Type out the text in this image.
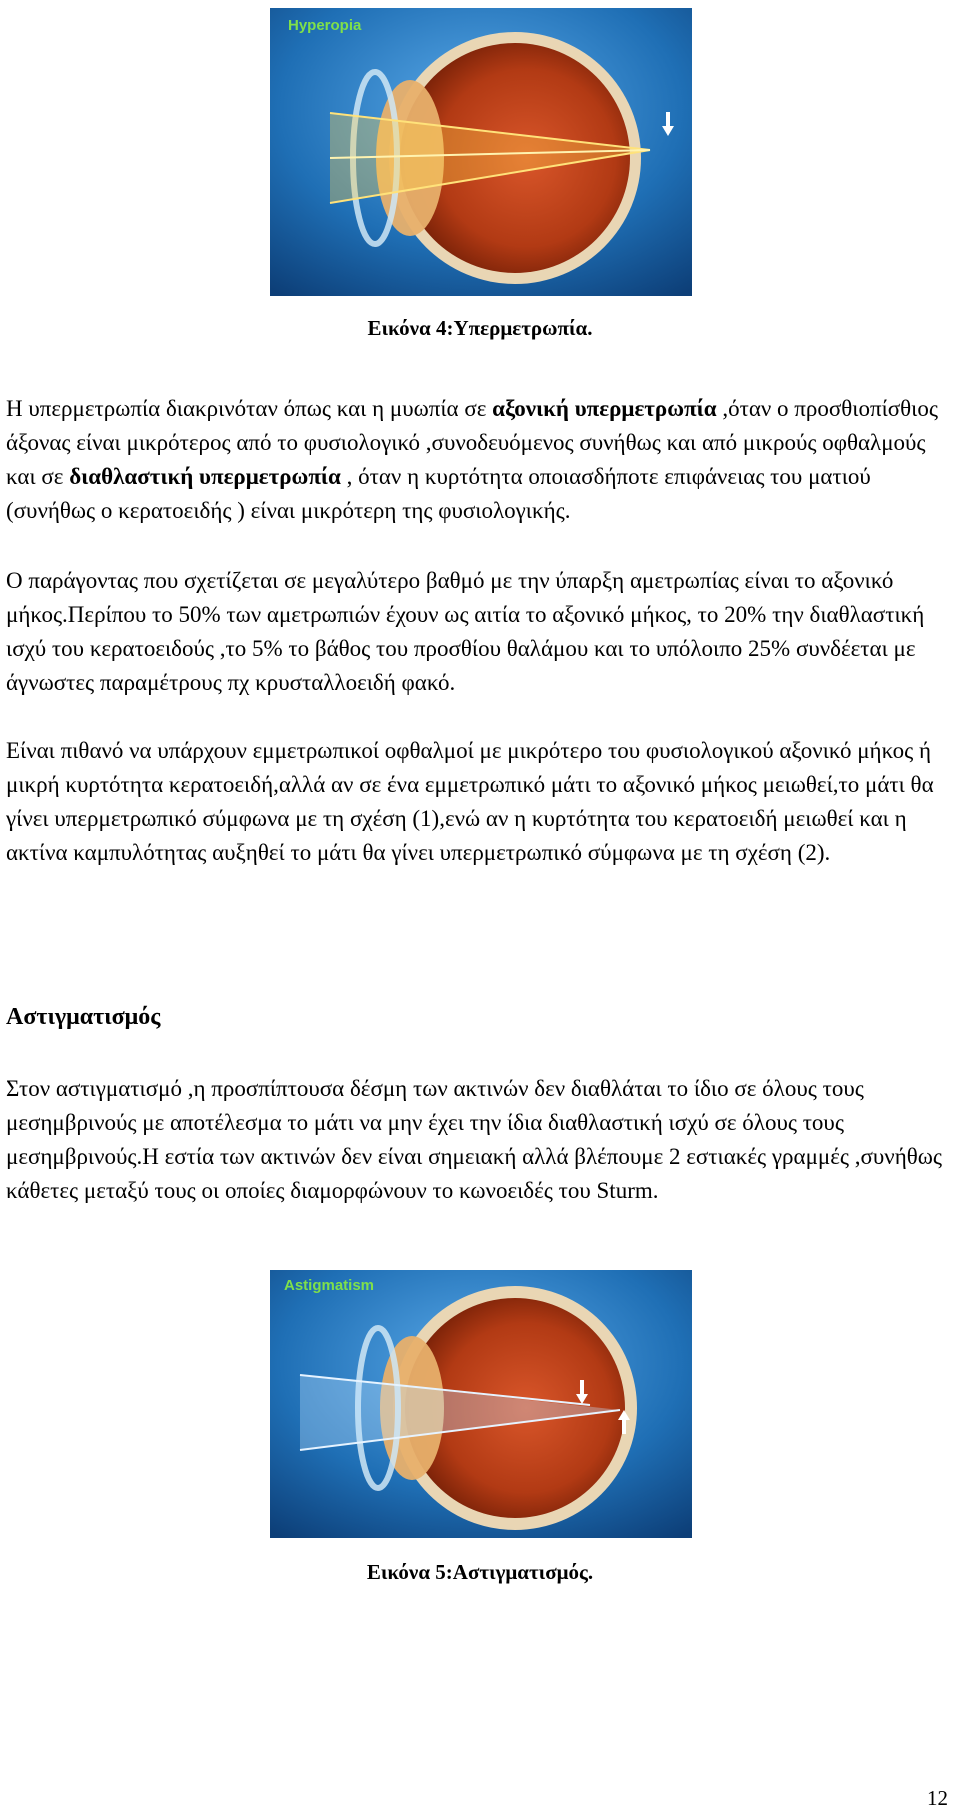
Hyperopia
Εικόνα 4:Υπερμετρωπία.

Η υπερμετρωπία διακρινόταν όπως και η μυωπία σε αξονική υπερμετρωπία ,όταν ο προσθιοπίσθιος άξονας είναι μικρότερος από το φυσιολογικό ,συνοδευόμενος συνήθως και από μικρούς οφθαλμούς και σε διαθλαστική υπερμετρωπία , όταν η κυρτότητα οποιασδήποτε επιφάνειας του ματιού (συνήθως ο κερατοειδής ) είναι μικρότερη της φυσιολογικής.

Ο παράγοντας που σχετίζεται σε μεγαλύτερο βαθμό με την ύπαρξη αμετρωπίας είναι το αξονικό μήκος.Περίπου το 50% των αμετρωπιών έχουν ως αιτία το αξονικό μήκος, το 20% την διαθλαστική ισχύ του κερατοειδούς ,το 5% το βάθος του προσθίου θαλάμου και το υπόλοιπο 25% συνδέεται με άγνωστες παραμέτρους πχ κρυσταλλοειδή φακό.

Είναι πιθανό να υπάρχουν εμμετρωπικοί οφθαλμοί με μικρότερο του φυσιολογικού αξονικό μήκος ή μικρή κυρτότητα κερατοειδή,αλλά αν σε ένα εμμετρωπικό μάτι το αξονικό μήκος μειωθεί,το μάτι θα γίνει υπερμετρωπικό σύμφωνα με τη σχέση (1),ενώ αν η κυρτότητα του κερατοειδή μειωθεί και η ακτίνα καμπυλότητας αυξηθεί το μάτι θα γίνει υπερμετρωπικό σύμφωνα με τη σχέση (2).

Αστιγματισμός

Στον αστιγματισμό ,η προσπίπτουσα δέσμη των ακτινών δεν διαθλάται το ίδιο σε όλους τους μεσημβρινούς με αποτέλεσμα το μάτι να μην έχει την ίδια διαθλαστική ισχύ σε όλους τους μεσημβρινούς.Η εστία των ακτινών δεν είναι σημειακή αλλά βλέπουμε 2 εστιακές γραμμές ,συνήθως κάθετες μεταξύ τους οι οποίες διαμορφώνουν το κωνοειδές του Sturm.

Astigmatism
Εικόνα 5:Αστιγματισμός.
12
